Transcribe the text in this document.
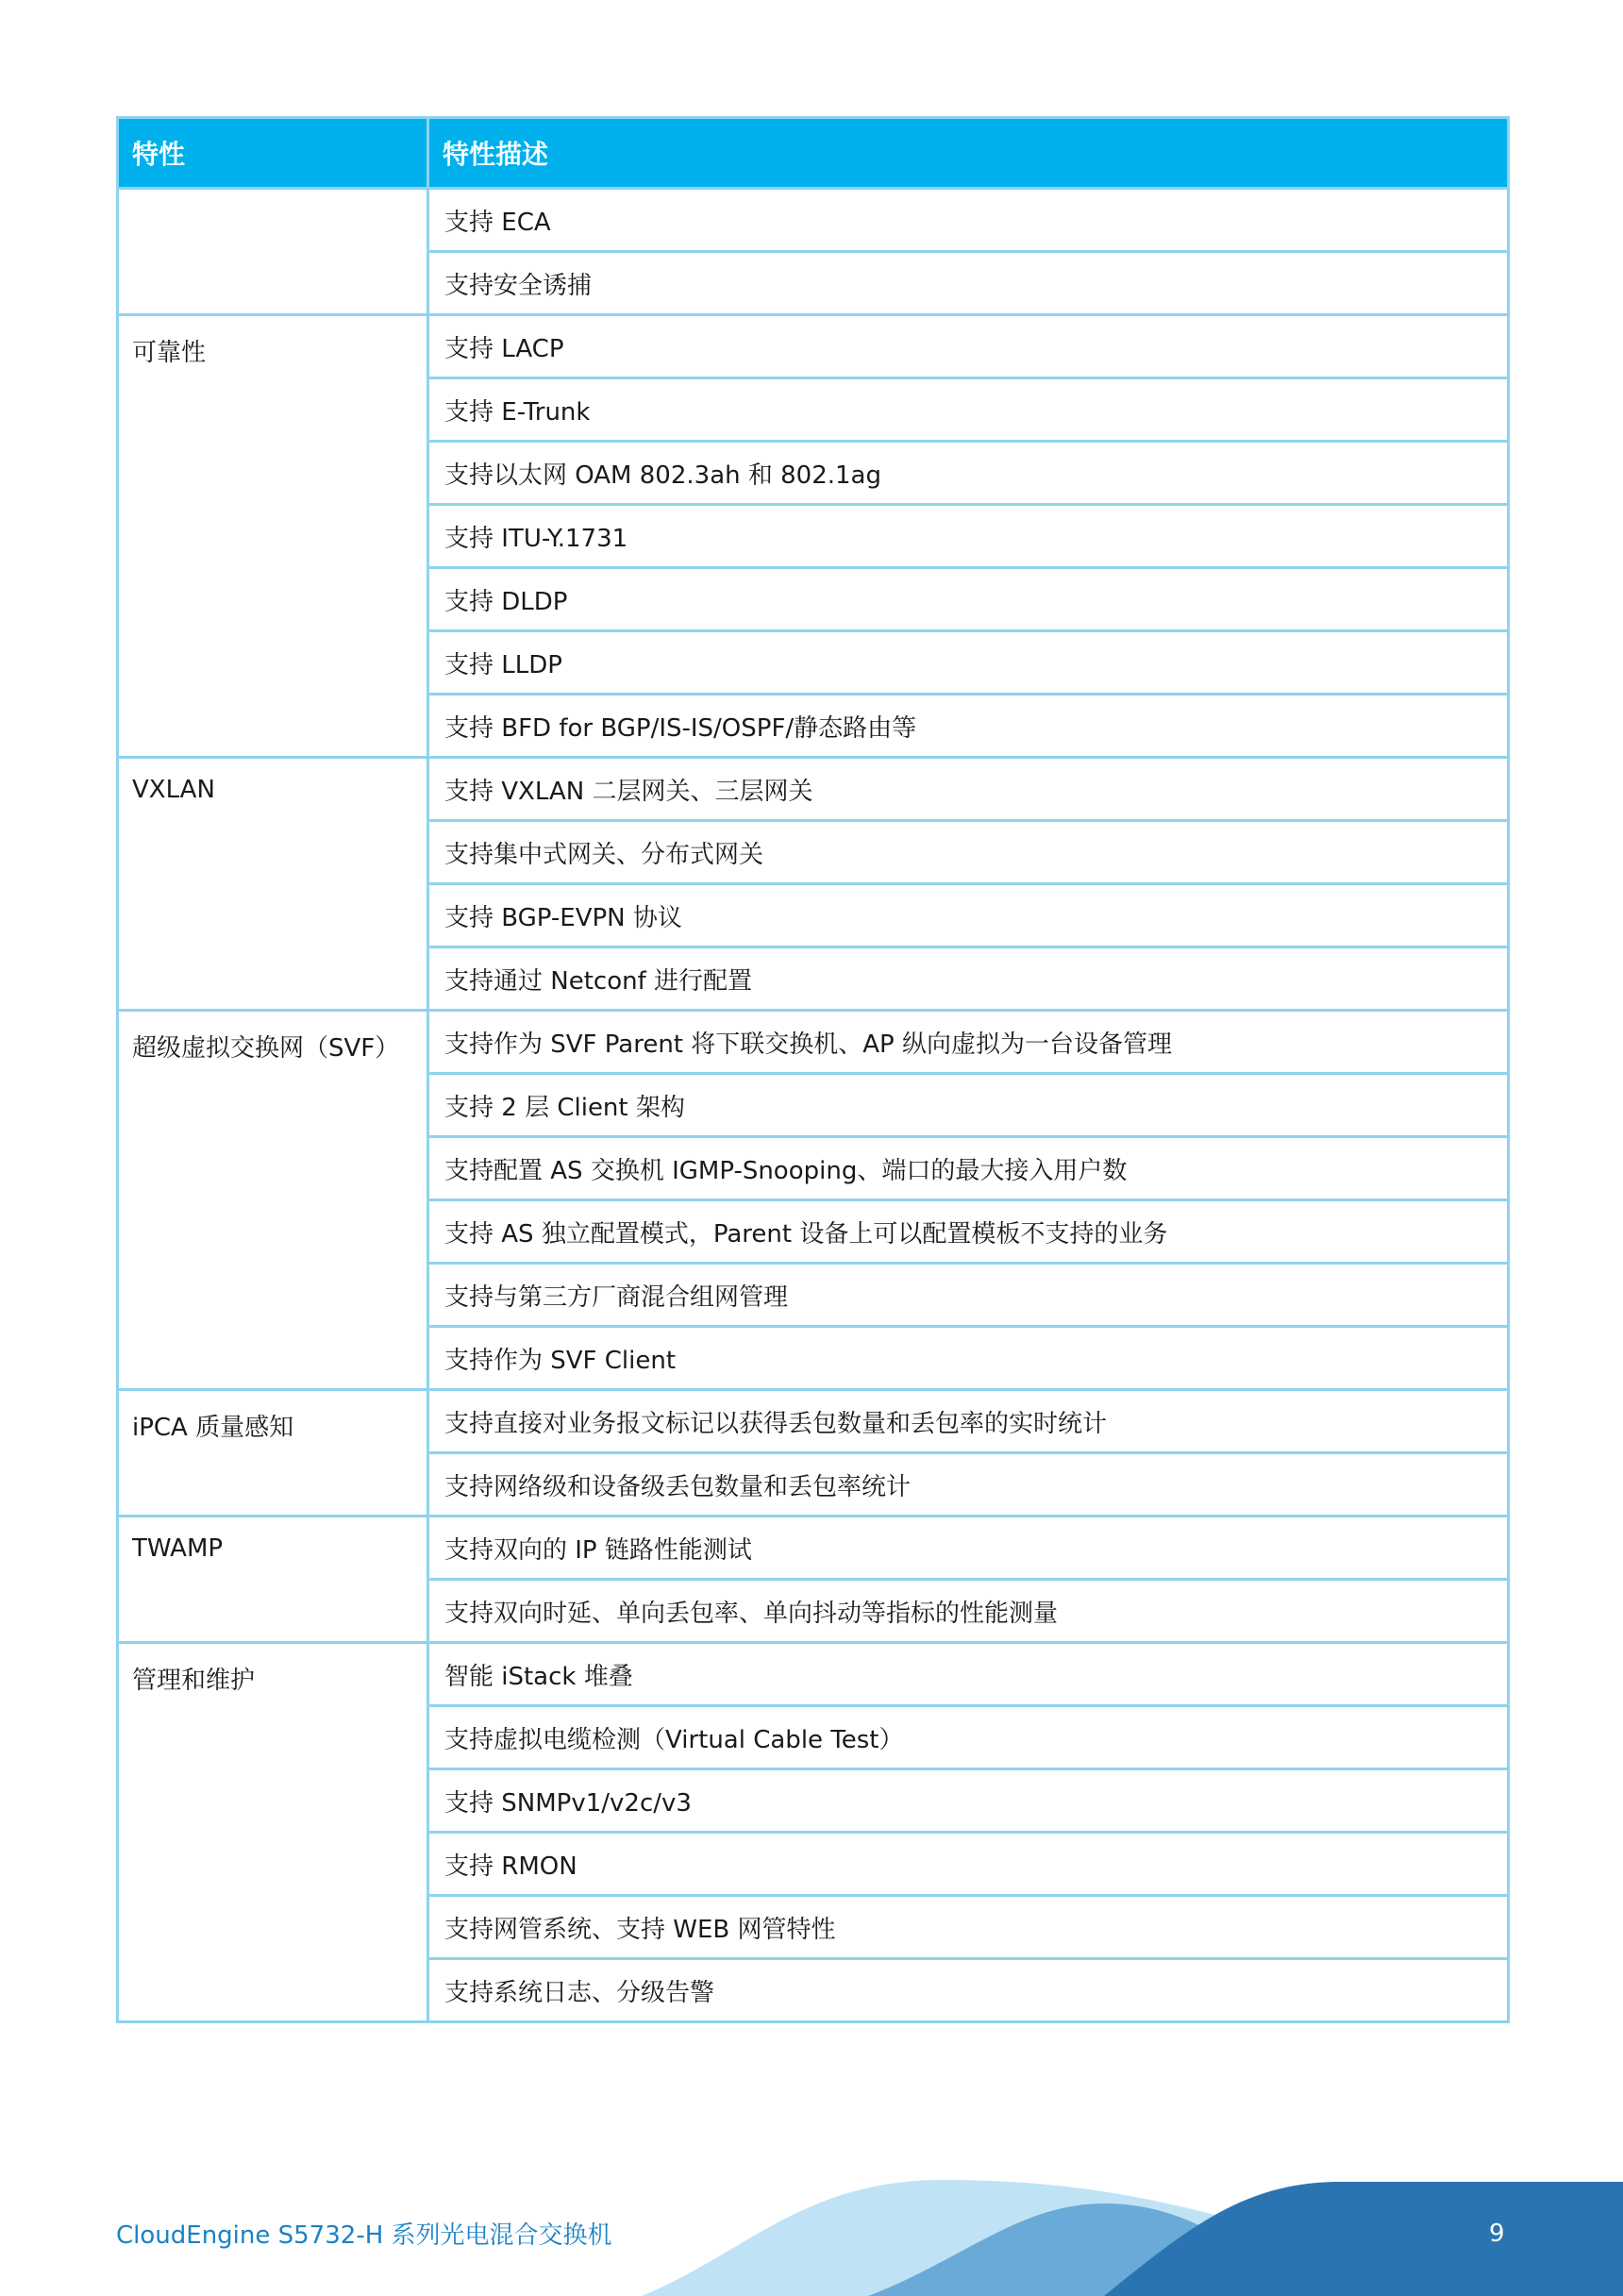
特性	特性描述
	支持 ECA
	支持安全诱捕
可靠性	支持 LACP
	支持 E-Trunk
	支持以太网 OAM 802.3ah 和 802.1ag
	支持 ITU-Y.1731
	支持 DLDP
	支持 LLDP
	支持 BFD for BGP/IS-IS/OSPF/静态路由等
VXLAN	支持 VXLAN 二层网关、三层网关
	支持集中式网关、分布式网关
	支持 BGP-EVPN 协议
	支持通过 Netconf 进行配置
超级虚拟交换网（SVF）	支持作为 SVF Parent 将下联交换机、AP 纵向虚拟为一台设备管理
	支持 2 层 Client 架构
	支持配置 AS 交换机 IGMP-Snooping、端口的最大接入用户数
	支持 AS 独立配置模式，Parent 设备上可以配置模板不支持的业务
	支持与第三方厂商混合组网管理
	支持作为 SVF Client
iPCA 质量感知	支持直接对业务报文标记以获得丢包数量和丢包率的实时统计
	支持网络级和设备级丢包数量和丢包率统计
TWAMP	支持双向的 IP 链路性能测试
	支持双向时延、单向丢包率、单向抖动等指标的性能测量
管理和维护	智能 iStack 堆叠
	支持虚拟电缆检测（Virtual Cable Test）
	支持 SNMPv1/v2c/v3
	支持 RMON
	支持网管系统、支持 WEB 网管特性
	支持系统日志、分级告警
CloudEngine S5732-H 系列光电混合交换机	9
